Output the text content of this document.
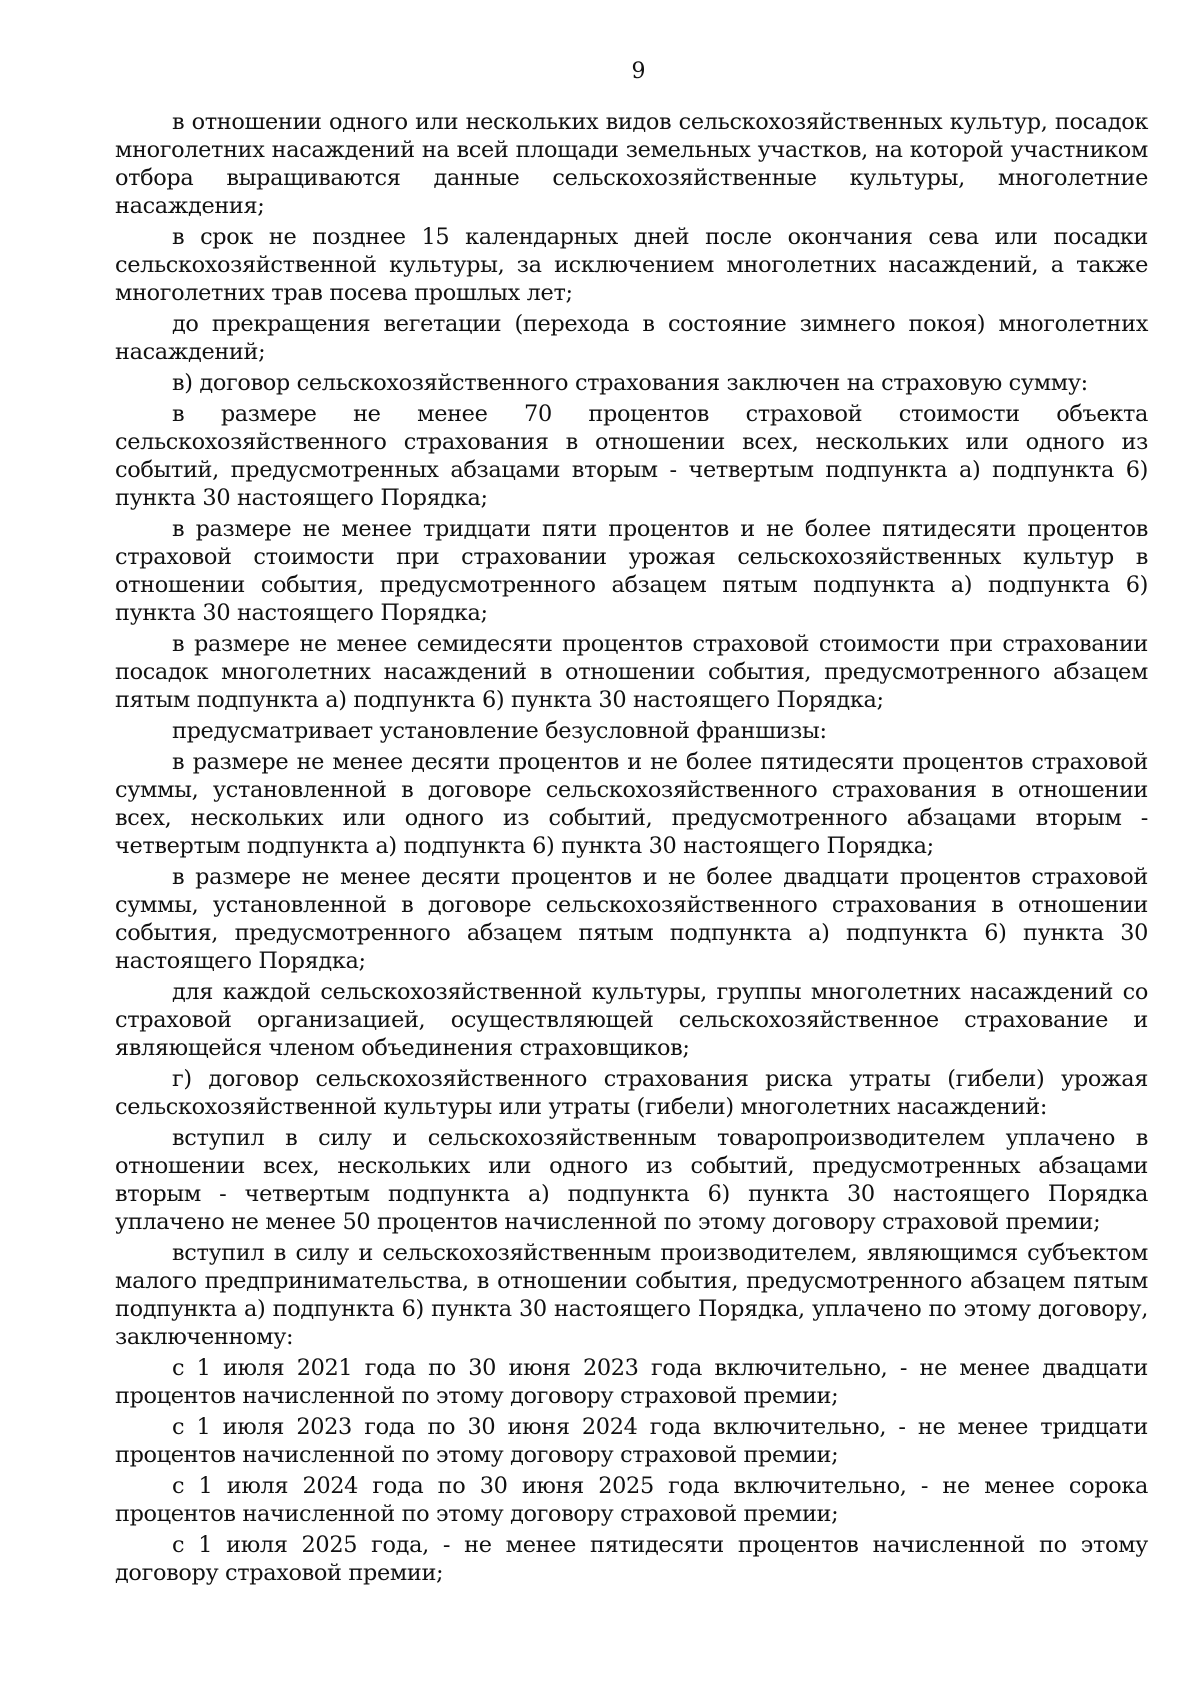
9

в отношении одного или нескольких видов сельскохозяйственных культур, посадок многолетних насаждений на всей площади земельных участков, на которой участником отбора выращиваются данные сельскохозяйственные культуры, многолетние насаждения;

в срок не позднее 15 календарных дней после окончания сева или посадки сельскохозяйственной культуры, за исключением многолетних насаждений, а также многолетних трав посева прошлых лет;

до прекращения вегетации (перехода в состояние зимнего покоя) многолетних насаждений;

в) договор сельскохозяйственного страхования заключен на страховую сумму:

в размере не менее 70 процентов страховой стоимости объекта сельскохозяйственного страхования в отношении всех, нескольких или одного из событий, предусмотренных абзацами вторым - четвертым подпункта а) подпункта 6) пункта 30 настоящего Порядка;

в размере не менее тридцати пяти процентов и не более пятидесяти процентов страховой стоимости при страховании урожая сельскохозяйственных культур в отношении события, предусмотренного абзацем пятым подпункта а) подпункта 6) пункта 30 настоящего Порядка;

в размере не менее семидесяти процентов страховой стоимости при страховании посадок многолетних насаждений в отношении события, предусмотренного абзацем пятым подпункта а) подпункта 6) пункта 30 настоящего Порядка;

предусматривает установление безусловной франшизы:

в размере не менее десяти процентов и не более пятидесяти процентов страховой суммы, установленной в договоре сельскохозяйственного страхования в отношении всех, нескольких или одного из событий, предусмотренного абзацами вторым - четвертым подпункта а) подпункта 6) пункта 30 настоящего Порядка;

в размере не менее десяти процентов и не более двадцати процентов страховой суммы, установленной в договоре сельскохозяйственного страхования в отношении события, предусмотренного абзацем пятым подпункта а) подпункта 6) пункта 30 настоящего Порядка;

для каждой сельскохозяйственной культуры, группы многолетних насаждений со страховой организацией, осуществляющей сельскохозяйственное страхование и являющейся членом объединения страховщиков;

г) договор сельскохозяйственного страхования риска утраты (гибели) урожая сельскохозяйственной культуры или утраты (гибели) многолетних насаждений:

вступил в силу и сельскохозяйственным товаропроизводителем уплачено в отношении всех, нескольких или одного из событий, предусмотренных абзацами вторым - четвертым подпункта а) подпункта 6) пункта 30 настоящего Порядка уплачено не менее 50 процентов начисленной по этому договору страховой премии;

вступил в силу и сельскохозяйственным производителем, являющимся субъектом малого предпринимательства, в отношении события, предусмотренного абзацем пятым подпункта а) подпункта 6) пункта 30 настоящего Порядка, уплачено по этому договору, заключенному:

с 1 июля 2021 года по 30 июня 2023 года включительно, - не менее двадцати процентов начисленной по этому договору страховой премии;

с 1 июля 2023 года по 30 июня 2024 года включительно, - не менее тридцати процентов начисленной по этому договору страховой премии;

с 1 июля 2024 года по 30 июня 2025 года включительно, - не менее сорока процентов начисленной по этому договору страховой премии;

с 1 июля 2025 года, - не менее пятидесяти процентов начисленной по этому договору страховой премии;
